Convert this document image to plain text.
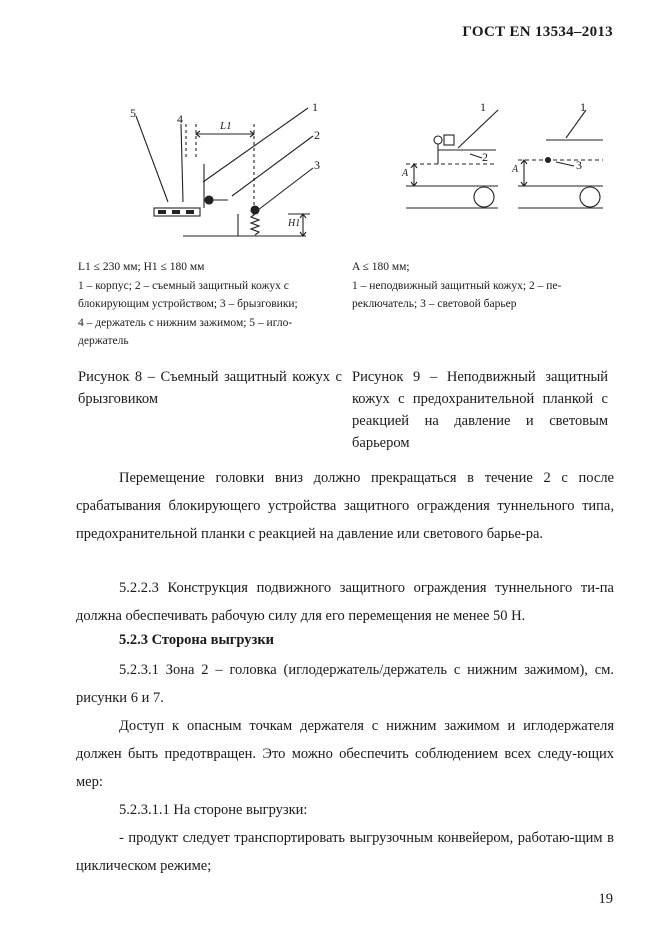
ГОСТ EN 13534–2013
5	4	L1
1
2
3
H1
1
2
A
1
3
A

L1 ≤ 230 мм; H1 ≤ 180 мм

1 – корпус; 2 – съемный защитный кожух с

блокирующим устройством; 3 – брызговики;

4 – держатель с нижним зажимом; 5 – игло-

держатель

A ≤ 180 мм;

1 – неподвижный защитный кожух; 2 – пе-

реключатель; 3 – световой барьер

Рисунок 8 – Съемный защитный кожух с брызговиком
Рисунок 9 – Неподвижный защитный кожух с предохранительной планкой с реакцией на давление и световым барьером
Перемещение головки вниз должно прекращаться в течение 2 с после срабатывания блокирующего устройства защитного ограждения туннельного типа, предохранительной планки с реакцией на давление или светового барье-ра.
5.2.2.3 Конструкция подвижного защитного ограждения туннельного ти-па должна обеспечивать рабочую силу для его перемещения не менее 50 Н.
5.2.3 Сторона выгрузки
5.2.3.1 Зона 2 – головка (иглодержатель/держатель с нижним зажимом), см. рисунки 6 и 7.
Доступ к опасным точкам держателя с нижним зажимом и иглодержателя должен быть предотвращен. Это можно обеспечить соблюдением всех следу-ющих мер:
5.2.3.1.1 На стороне выгрузки:
- продукт следует транспортировать выгрузочным конвейером, работаю-щим в циклическом режиме;
19
